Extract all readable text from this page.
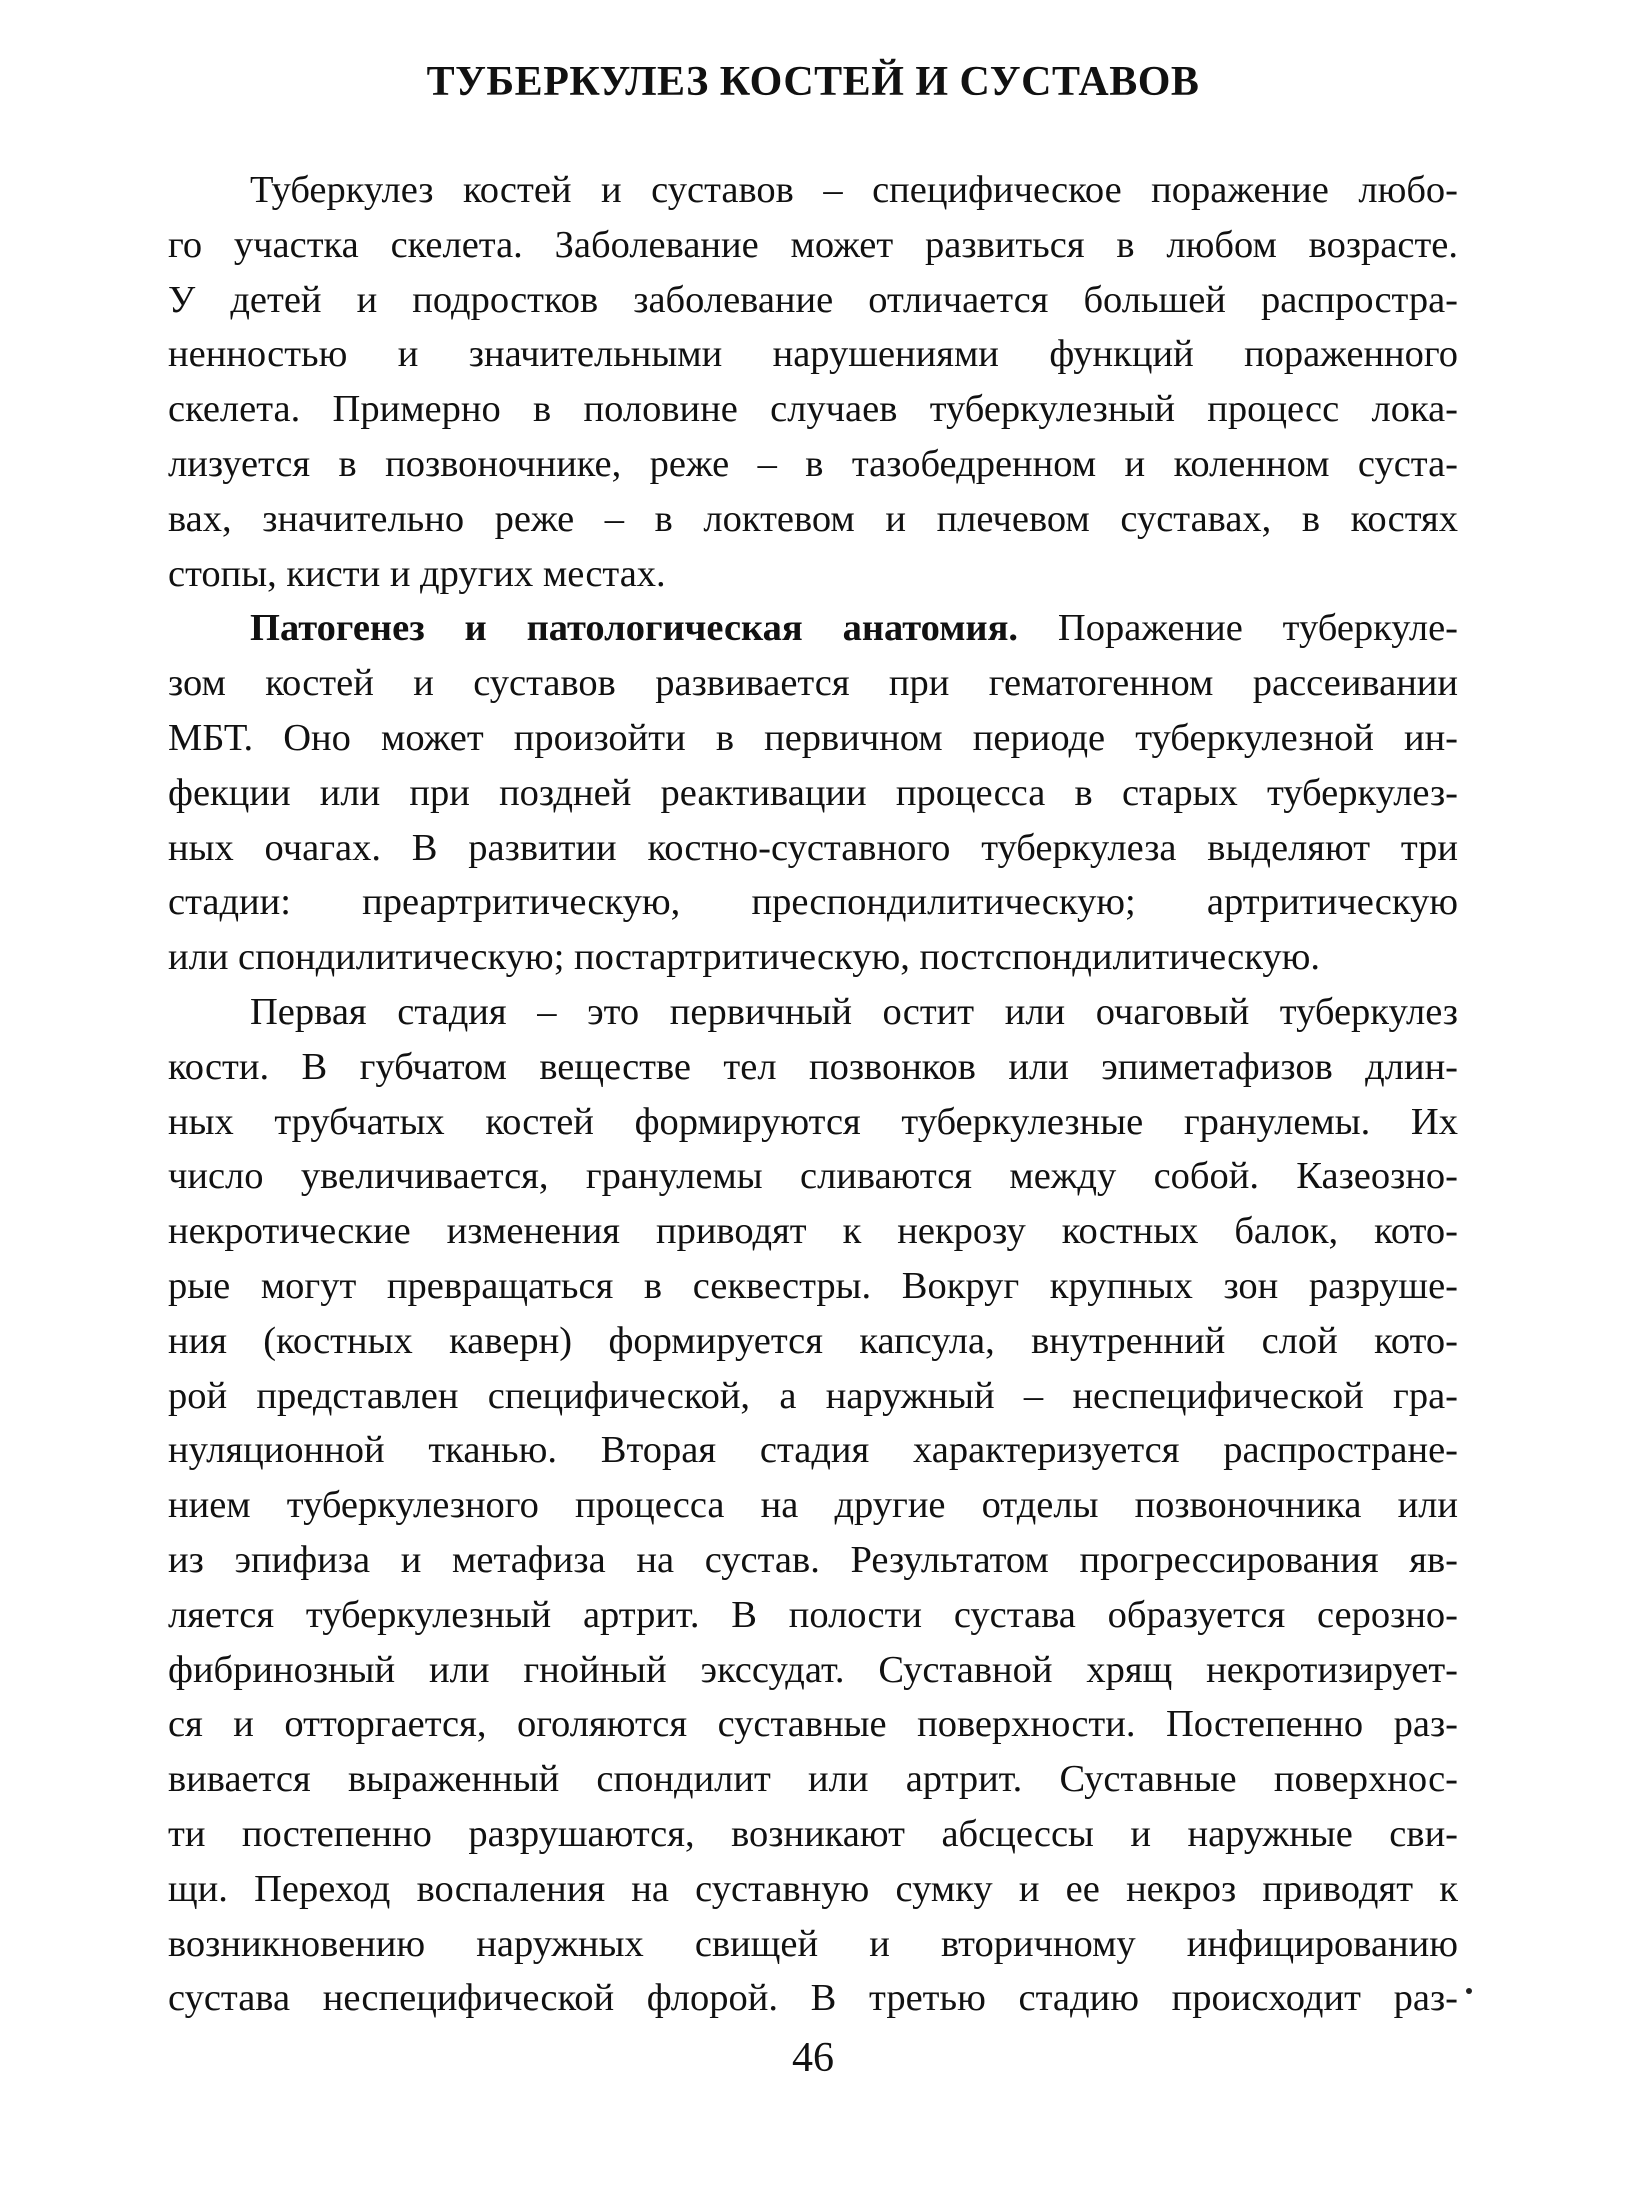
ТУБЕРКУЛЕЗ КОСТЕЙ И СУСТАВОВ
Туберкулез костей и суставов – специфическое поражение любо-
го участка скелета. Заболевание может развиться в любом возрасте.
У детей и подростков заболевание отличается большей распростра-
ненностью и значительными нарушениями функций пораженного
скелета. Примерно в половине случаев туберкулезный процесс лока-
лизуется в позвоночнике, реже – в тазобедренном и коленном суста-
вах, значительно реже – в локтевом и плечевом суставах, в костях
стопы, кисти и других местах.
Патогенез и патологическая анатомия. Поражение туберкуле-
зом костей и суставов развивается при гематогенном рассеивании
МБТ. Оно может произойти в первичном периоде туберкулезной ин-
фекции или при поздней реактивации процесса в старых туберкулез-
ных очагах. В развитии костно-суставного туберкулеза выделяют три
стадии: преартритическую, преспондилитическую; артритическую
или спондилитическую; постартритическую, постспондилитическую.
Первая стадия – это первичный остит или очаговый туберкулез
кости. В губчатом веществе тел позвонков или эпиметафизов длин-
ных трубчатых костей формируются туберкулезные гранулемы. Их
число увеличивается, гранулемы сливаются между собой. Казеозно-
некротические изменения приводят к некрозу костных балок, кото-
рые могут превращаться в секвестры. Вокруг крупных зон разруше-
ния (костных каверн) формируется капсула, внутренний слой кото-
рой представлен специфической, а наружный – неспецифической гра-
нуляционной тканью. Вторая стадия характеризуется распростране-
нием туберкулезного процесса на другие отделы позвоночника или
из эпифиза и метафиза на сустав. Результатом прогрессирования яв-
ляется туберкулезный артрит. В полости сустава образуется серозно-
фибринозный или гнойный экссудат. Суставной хрящ некротизирует-
ся и отторгается, оголяются суставные поверхности. Постепенно раз-
вивается выраженный спондилит или артрит. Суставные поверхнос-
ти постепенно разрушаются, возникают абсцессы и наружные сви-
щи. Переход воспаления на суставную сумку и ее некроз приводят к
возникновению наружных свищей и вторичному инфицированию
сустава неспецифической флорой. В третью стадию происходит раз-
46
